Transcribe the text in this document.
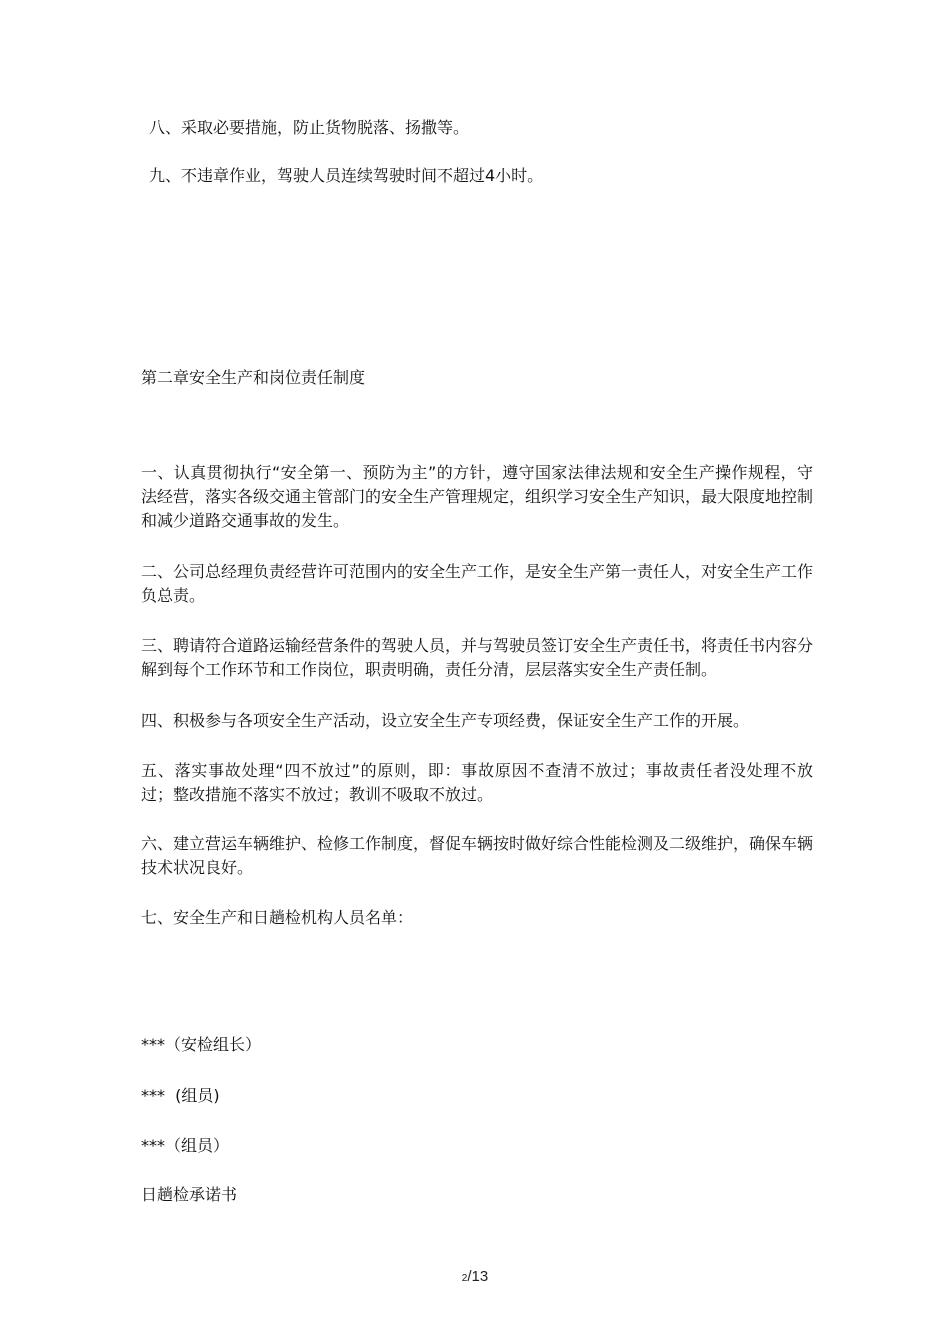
八、采取必要措施，防止货物脱落、扬撒等。

九、不违章作业，驾驶人员连续驾驶时间不超过4小时。

第二章安全生产和岗位责任制度

一、认真贯彻执行“安全第一、预防为主”的方针，遵守国家法律法规和安全生产操作规程，守法经营，落实各级交通主管部门的安全生产管理规定，组织学习安全生产知识，最大限度地控制和减少道路交通事故的发生。

二、公司总经理负责经营许可范围内的安全生产工作，是安全生产第一责任人，对安全生产工作负总责。

三、聘请符合道路运输经营条件的驾驶人员，并与驾驶员签订安全生产责任书，将责任书内容分解到每个工作环节和工作岗位，职责明确，责任分清，层层落实安全生产责任制。

四、积极参与各项安全生产活动，设立安全生产专项经费，保证安全生产工作的开展。

五、落实事故处理“四不放过”的原则，即：事故原因不查清不放过；事故责任者没处理不放过；整改措施不落实不放过；教训不吸取不放过。

六、建立营运车辆维护、检修工作制度，督促车辆按时做好综合性能检测及二级维护，确保车辆技术状况良好。

七、安全生产和日趟检机构人员名单：

***（安检组长）

***  (组员)

***（组员）

日趟检承诺书

2/13
